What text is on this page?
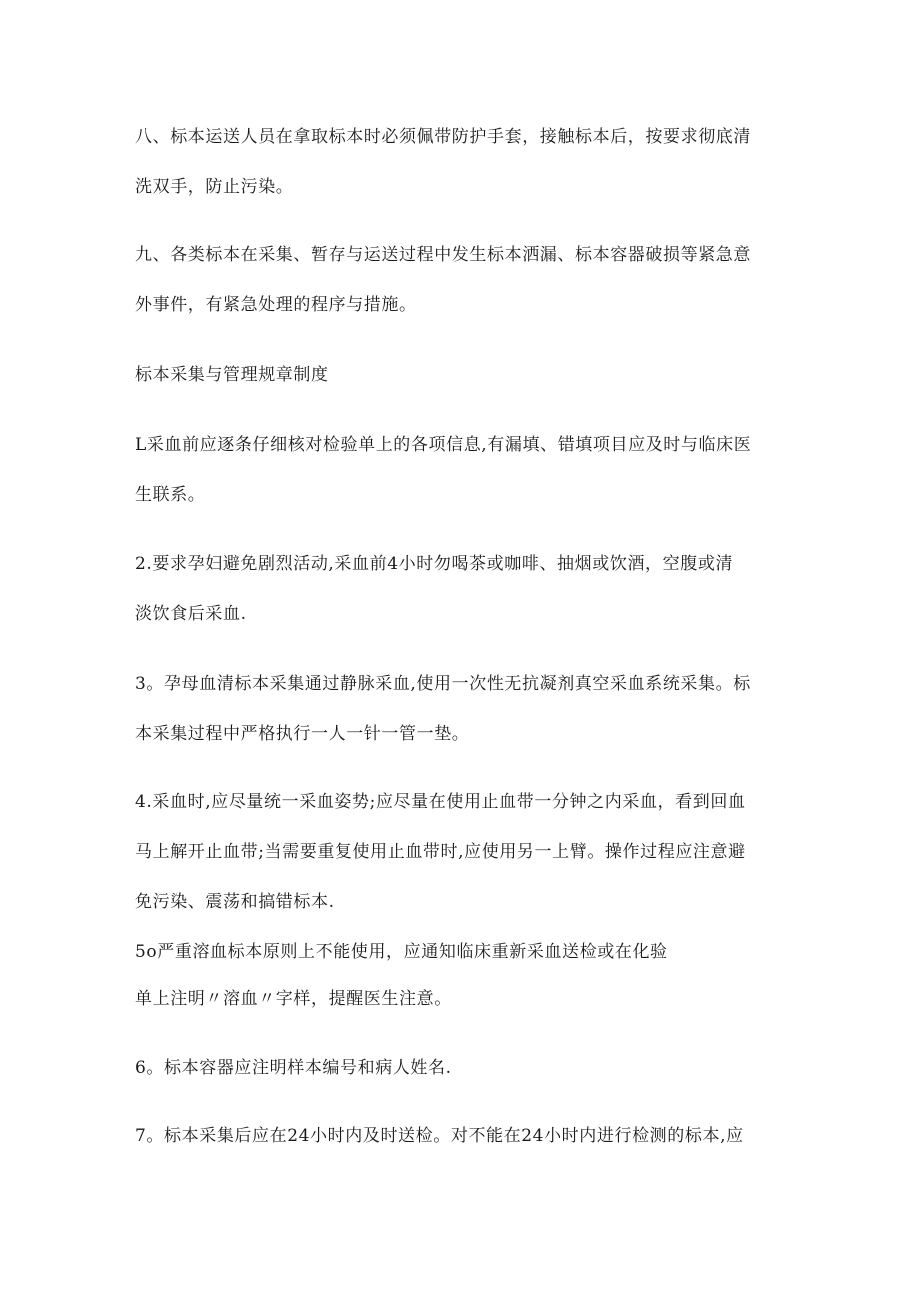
八、标本运送人员在拿取标本时必须佩带防护手套，接触标本后，按要求彻底清
洗双手，防止污染。
九、各类标本在采集、暂存与运送过程中发生标本洒漏、标本容器破损等紧急意
外事件，有紧急处理的程序与措施。
标本采集与管理规章制度
L采血前应逐条仔细核对检验单上的各项信息,有漏填、错填项目应及时与临床医
生联系。
2.要求孕妇避免剧烈活动,采血前4小时勿喝茶或咖啡、抽烟或饮酒，空腹或清
淡饮食后采血.
3。孕母血清标本采集通过静脉采血,使用一次性无抗凝剂真空采血系统采集。标
本采集过程中严格执行一人一针一管一垫。
4.采血时,应尽量统一采血姿势;应尽量在使用止血带一分钟之内采血，看到回血
马上解开止血带;当需要重复使用止血带时,应使用另一上臂。操作过程应注意避
免污染、震荡和搞错标本.
5o严重溶血标本原则上不能使用，应通知临床重新采血送检或在化验
单上注明〃溶血〃字样，提醒医生注意。
6。标本容器应注明样本编号和病人姓名.
7。标本采集后应在24小时内及时送检。对不能在24小时内进行检测的标本,应
